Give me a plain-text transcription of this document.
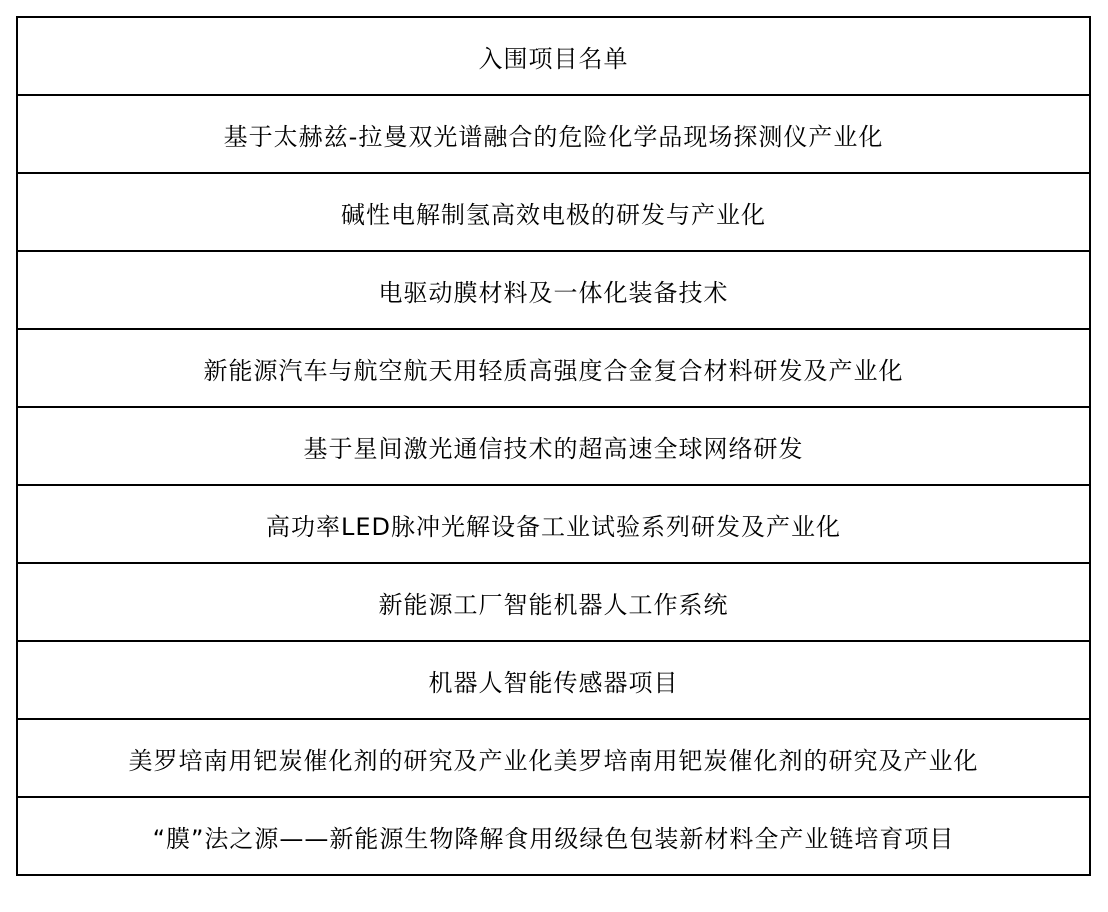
入围项目名单
基于太赫兹-拉曼双光谱融合的危险化学品现场探测仪产业化
碱性电解制氢高效电极的研发与产业化
电驱动膜材料及一体化装备技术
新能源汽车与航空航天用轻质高强度合金复合材料研发及产业化
基于星间激光通信技术的超高速全球网络研发
高功率LED脉冲光解设备工业试验系列研发及产业化
新能源工厂智能机器人工作系统
机器人智能传感器项目
美罗培南用钯炭催化剂的研究及产业化美罗培南用钯炭催化剂的研究及产业化
“膜”法之源——新能源生物降解食用级绿色包装新材料全产业链培育项目
